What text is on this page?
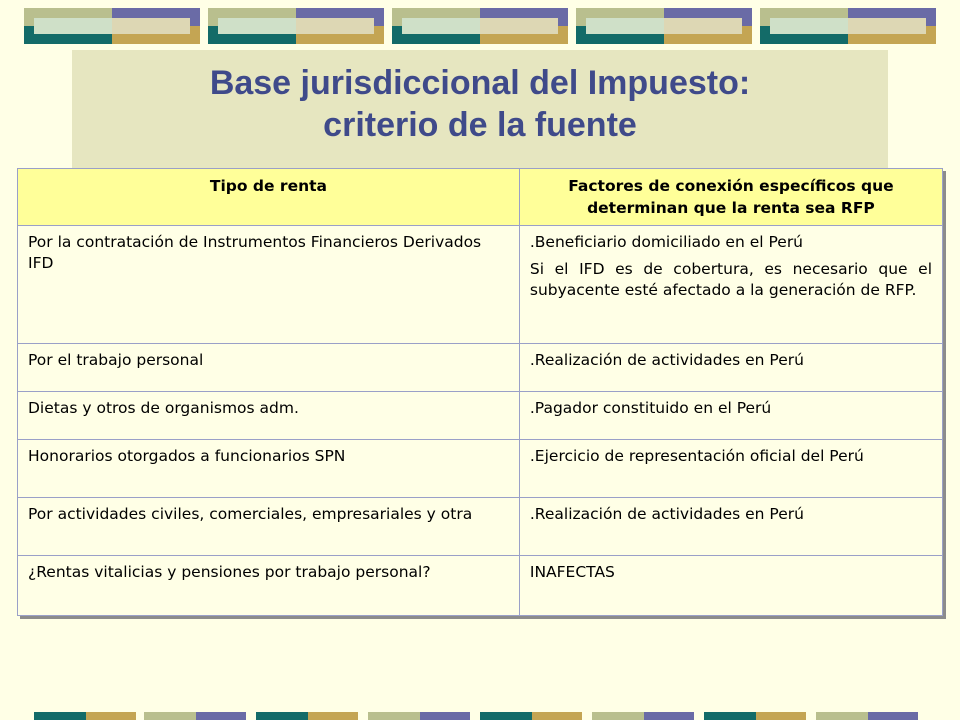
Base jurisdiccional del Impuesto:
criterio de la fuente
Tipo de renta	Factores de conexión específicos que determinan que la renta sea RFP
Por la contratación de Instrumentos Financieros Derivados IFD	.Beneficiario domiciliado en el Perú
Si el IFD es de cobertura, es necesario que el subyacente esté afectado a la generación de RFP.

Por el trabajo personal	.Realización de actividades en Perú
Dietas y otros de organismos adm.	.Pagador constituido en el Perú
Honorarios otorgados a funcionarios SPN	.Ejercicio de representación oficial del Perú
Por actividades civiles, comerciales, empresariales y otra	.Realización de actividades en Perú
¿Rentas vitalicias y pensiones por trabajo personal?	INAFECTAS
